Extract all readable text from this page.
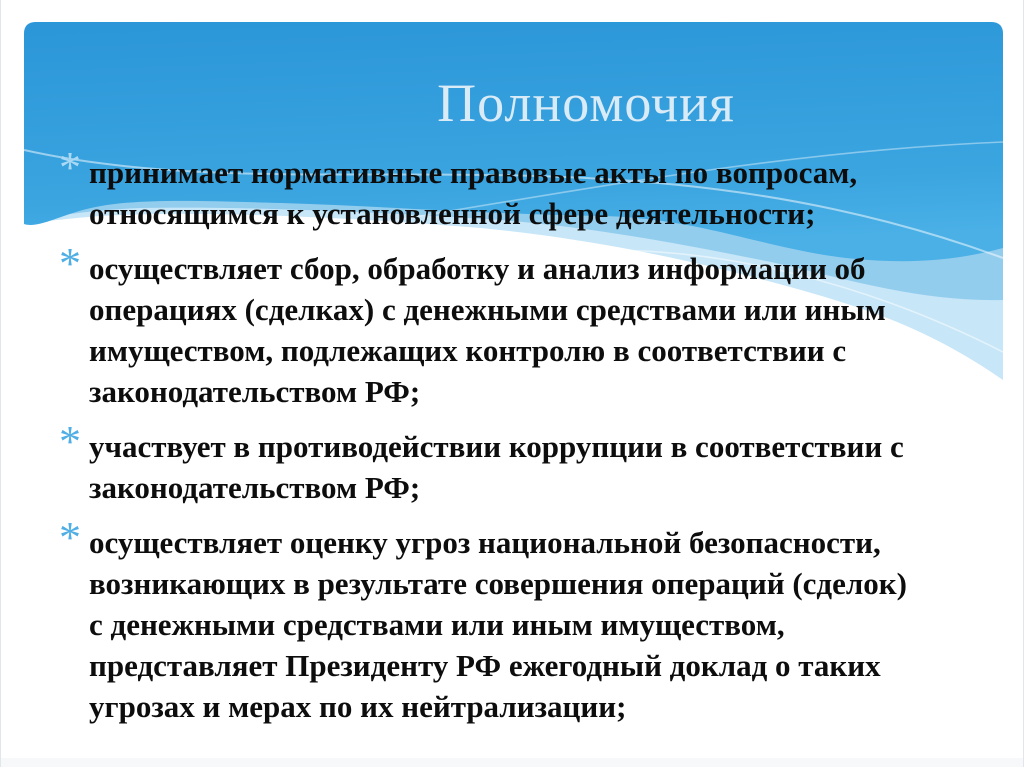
Полномочия
* принимает нормативные правовые акты по вопросам,
относящимся к установленной сфере деятельности;
* осуществляет сбор, обработку и анализ информации об
операциях (сделках) с денежными средствами или иным
имуществом, подлежащих контролю в соответствии с
законодательством РФ;
* участвует в противодействии коррупции в соответствии с
законодательством РФ;
* осуществляет оценку угроз национальной безопасности,
возникающих в результате совершения операций (сделок)
с денежными средствами или иным имуществом,
представляет Президенту РФ ежегодный доклад о таких
угрозах и мерах по их нейтрализации;
